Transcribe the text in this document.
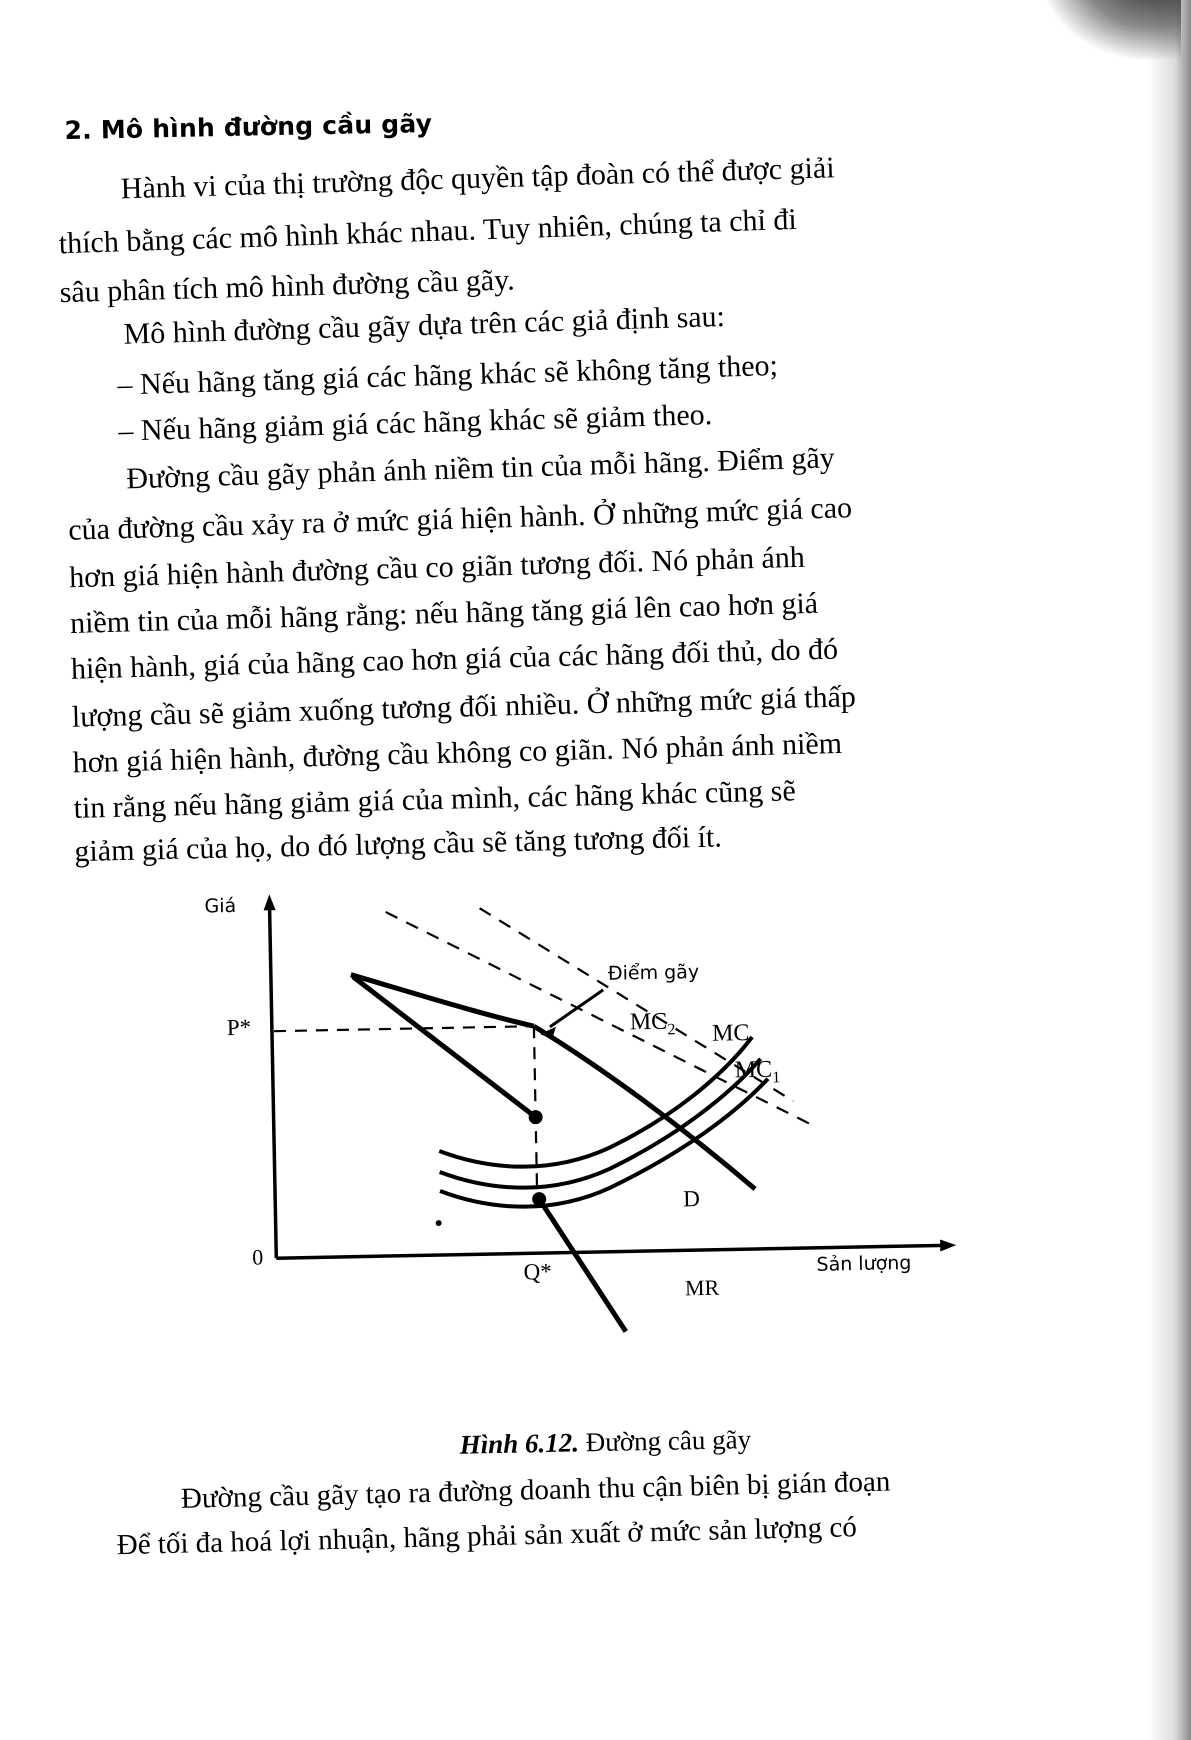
2. Mô hình đường cầu gãy
Hành vi của thị trường độc quyền tập đoàn có thể được giải
thích bằng các mô hình khác nhau. Tuy nhiên, chúng ta chỉ đi
sâu phân tích mô hình đường cầu gãy.
Mô hình đường cầu gãy dựa trên các giả định sau:
– Nếu hãng tăng giá các hãng khác sẽ không tăng theo;
– Nếu hãng giảm giá các hãng khác sẽ giảm theo.
Đường cầu gãy phản ánh niềm tin của mỗi hãng. Điểm gãy
của đường cầu xảy ra ở mức giá hiện hành. Ở những mức giá cao
hơn giá hiện hành đường cầu co giãn tương đối. Nó phản ánh
niềm tin của mỗi hãng rằng: nếu hãng tăng giá lên cao hơn giá
hiện hành, giá của hãng cao hơn giá của các hãng đối thủ, do đó
lượng cầu sẽ giảm xuống tương đối nhiều. Ở những mức giá thấp
hơn giá hiện hành, đường cầu không co giãn. Nó phản ánh niềm
tin rằng nếu hãng giảm giá của mình, các hãng khác cũng sẽ
giảm giá của họ, do đó lượng cầu sẽ tăng tương đối ít.
Giá
Sản lượng
0
P*
Q*
Điểm gãy
MR
D
$MC_2$ MC
$MC_1$
Hình 6.12. Đường câu gãy
Đường cầu gãy tạo ra đường doanh thu cận biên bị gián đoạn
Để tối đa hoá lợi nhuận, hãng phải sản xuất ở mức sản lượng có
